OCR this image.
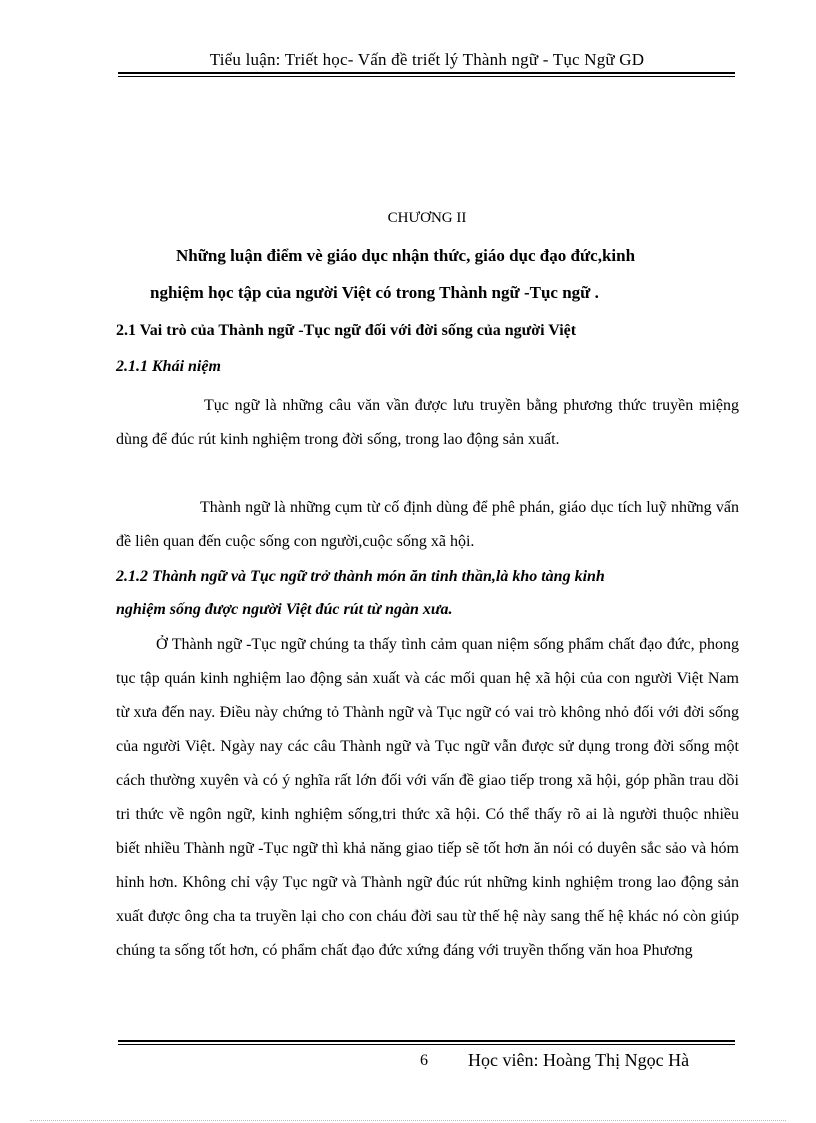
Tiểu luận: Triết học- Vấn đề triết lý Thành ngữ - Tục Ngữ GD
CHƯƠNG II
Những luận điểm vè giáo dục nhận thức, giáo dục đạo đức,kinh
nghiệm học tập của người Việt có trong Thành ngữ -Tục ngữ .
2.1 Vai trò của Thành ngữ -Tục ngữ đối với đời sống của người Việt
2.1.1 Khái niệm

Tục ngữ là những câu văn vần được lưu truyền bằng phương thức truyền miệng dùng để đúc rút kinh nghiệm trong đời sống, trong lao động sản xuất.

Thành ngữ là những cụm từ cố định dùng để phê phán, giáo dục tích luỹ những vấn đề liên quan đến cuộc sống con người,cuộc sống xã hội.

2.1.2 Thành ngữ và Tục ngữ trở thành món ăn tinh thần,là kho tàng kinh
nghiệm sống được người Việt đúc rút từ ngàn xưa.

Ở Thành ngữ -Tục ngữ chúng ta thấy tình cảm quan niệm sống phẩm chất đạo đức, phong tục tập quán kinh nghiệm lao động sản xuất và các mối quan hệ xã hội của con người Việt Nam từ xưa đến nay. Điều này chứng tỏ Thành ngữ và Tục ngữ có vai trò không nhỏ đối với đời sống của người Việt. Ngày nay các câu Thành ngữ và Tục ngữ vẫn được sử dụng trong đời sống một cách thường xuyên và có ý nghĩa rất lớn đối với vấn đề giao tiếp trong xã hội, góp phần trau dồi tri thức về ngôn ngữ, kinh nghiệm sống,tri thức xã hội. Có thể thấy rõ ai là người thuộc nhiều biết nhiều Thành ngữ -Tục ngữ thì khả năng giao tiếp sẽ tốt hơn ăn nói có duyên sắc sảo và hóm hỉnh hơn. Không chỉ vậy Tục ngữ và Thành ngữ đúc rút những kinh nghiệm trong lao động sản xuất được ông cha ta truyền lại cho con cháu đời sau từ thế hệ này sang thế hệ khác nó còn giúp chúng ta sống tốt hơn, có phẩm chất đạo đức xứng đáng với truyền thống văn hoa Phương

6 Học viên: Hoàng Thị Ngọc Hà
